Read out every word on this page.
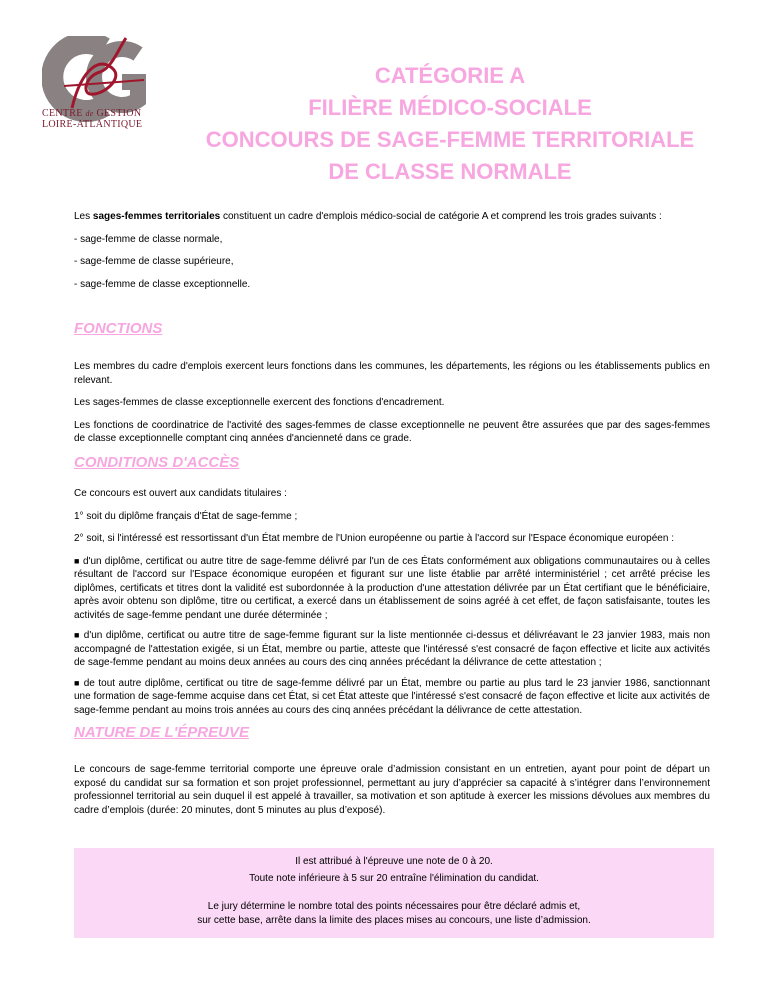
CENTRE de GESTION
LOIRE-ATLANTIQUE
CATÉGORIE A
FILIÈRE MÉDICO-SOCIALE
CONCOURS DE SAGE-FEMME TERRITORIALE
DE CLASSE NORMALE

Les sages-femmes territoriales constituent un cadre d'emplois médico-social de catégorie A et comprend les trois grades suivants :

- sage-femme de classe normale,

- sage-femme de classe supérieure,

- sage-femme de classe exceptionnelle.

FONCTIONS

Les membres du cadre d'emplois exercent leurs fonctions dans les communes, les départements, les régions ou les établissements publics en relevant.

Les sages-femmes de classe exceptionnelle exercent des fonctions d'encadrement.

Les fonctions de coordinatrice de l'activité des sages-femmes de classe exceptionnelle ne peuvent être assurées que par des sages-femmes de classe exceptionnelle comptant cinq années d'ancienneté dans ce grade.

CONDITIONS D'ACCÈS

Ce concours est ouvert aux candidats titulaires :

1° soit du diplôme français d'État de sage-femme ;

2° soit, si l'intéressé est ressortissant d'un État membre de l'Union européenne ou partie à l'accord sur l'Espace économique européen :

■ d'un diplôme, certificat ou autre titre de sage-femme délivré par l'un de ces États conformément aux obligations communautaires ou à celles résultant de l'accord sur l'Espace économique européen et figurant sur une liste établie par arrêté interministériel ; cet arrêté précise les diplômes, certificats et titres dont la validité est subordonnée à la production d'une attestation délivrée par un État certifiant que le bénéficiaire, après avoir obtenu son diplôme, titre ou certificat, a exercé dans un établissement de soins agréé à cet effet, de façon satisfaisante, toutes les activités de sage-femme pendant une durée déterminée ;

■ d'un diplôme, certificat ou autre titre de sage-femme figurant sur la liste mentionnée ci-dessus et délivréavant le 23 janvier 1983, mais non accompagné de l'attestation exigée, si un État, membre ou partie, atteste que l'intéressé s'est consacré de façon effective et licite aux activités de sage-femme pendant au moins deux années au cours des cinq années précédant la délivrance de cette attestation ;

■ de tout autre diplôme, certificat ou titre de sage-femme délivré par un État, membre ou partie au plus tard le 23 janvier 1986, sanctionnant une formation de sage-femme acquise dans cet État, si cet État atteste que l'intéressé s'est consacré de façon effective et licite aux activités de sage-femme pendant au moins trois années au cours des cinq années précédant la délivrance de cette attestation.

NATURE DE L'ÉPREUVE

Le concours de sage-femme territorial comporte une épreuve orale d’admission consistant en un entretien, ayant pour point de départ un exposé du candidat sur sa formation et son projet professionnel, permettant au jury d’apprécier sa capacité à s’intégrer dans l’environnement professionnel territorial au sein duquel il est appelé à travailler, sa motivation et son aptitude à exercer les missions dévolues aux membres du cadre d’emplois (durée: 20 minutes, dont 5 minutes au plus d’exposé).

Il est attribué à l'épreuve une note de 0 à 20.

Toute note inférieure à 5 sur 20 entraîne l'élimination du candidat.

Le jury détermine le nombre total des points nécessaires pour être déclaré admis et,

sur cette base, arrête dans la limite des places mises au concours, une liste d’admission.
